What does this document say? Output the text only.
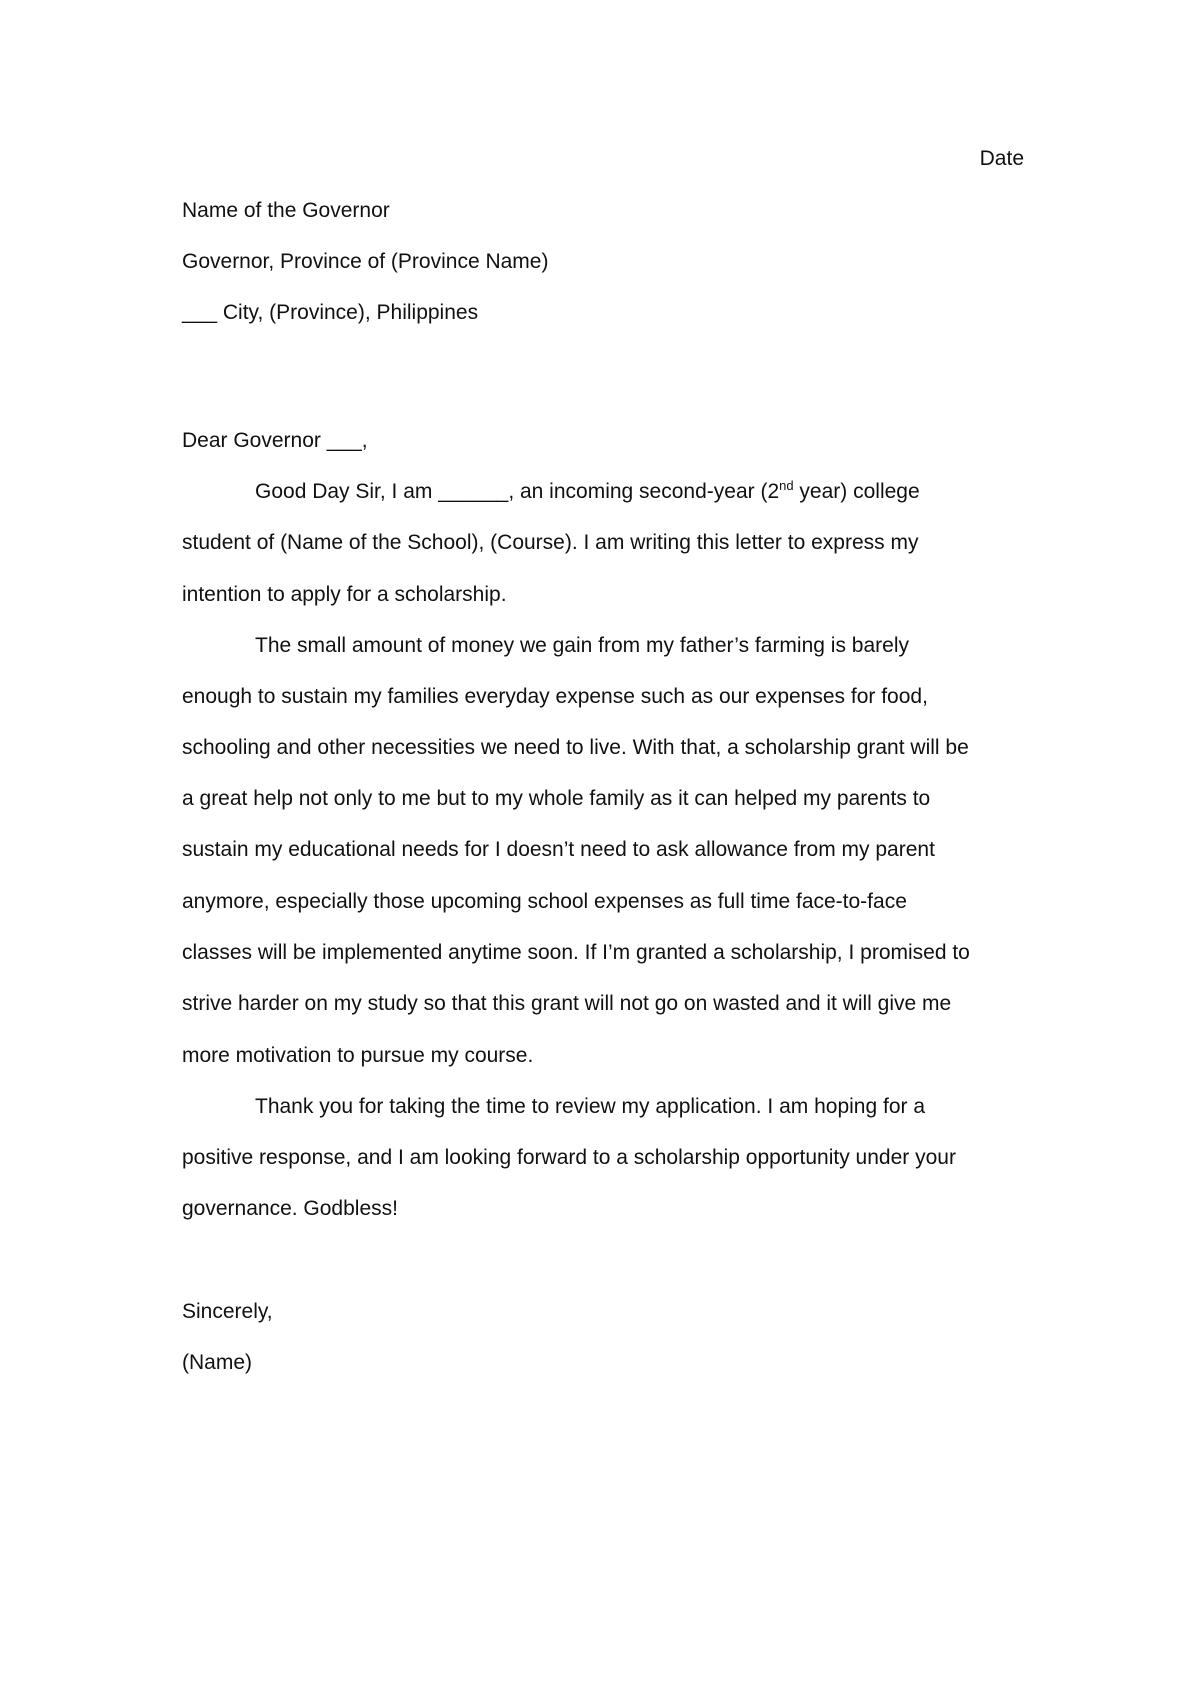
Date
Name of the Governor
Governor, Province of (Province Name)
___ City, (Province), Philippines
Dear Governor ___,
Good Day Sir, I am ______, an incoming second-year (2nd year) college
student of (Name of the School), (Course). I am writing this letter to express my
intention to apply for a scholarship.
The small amount of money we gain from my father’s farming is barely
enough to sustain my families everyday expense such as our expenses for food,
schooling and other necessities we need to live. With that, a scholarship grant will be
a great help not only to me but to my whole family as it can helped my parents to
sustain my educational needs for I doesn’t need to ask allowance from my parent
anymore, especially those upcoming school expenses as full time face-to-face
classes will be implemented anytime soon. If I’m granted a scholarship, I promised to
strive harder on my study so that this grant will not go on wasted and it will give me
more motivation to pursue my course.
Thank you for taking the time to review my application. I am hoping for a
positive response, and I am looking forward to a scholarship opportunity under your
governance. Godbless!
Sincerely,
(Name)
